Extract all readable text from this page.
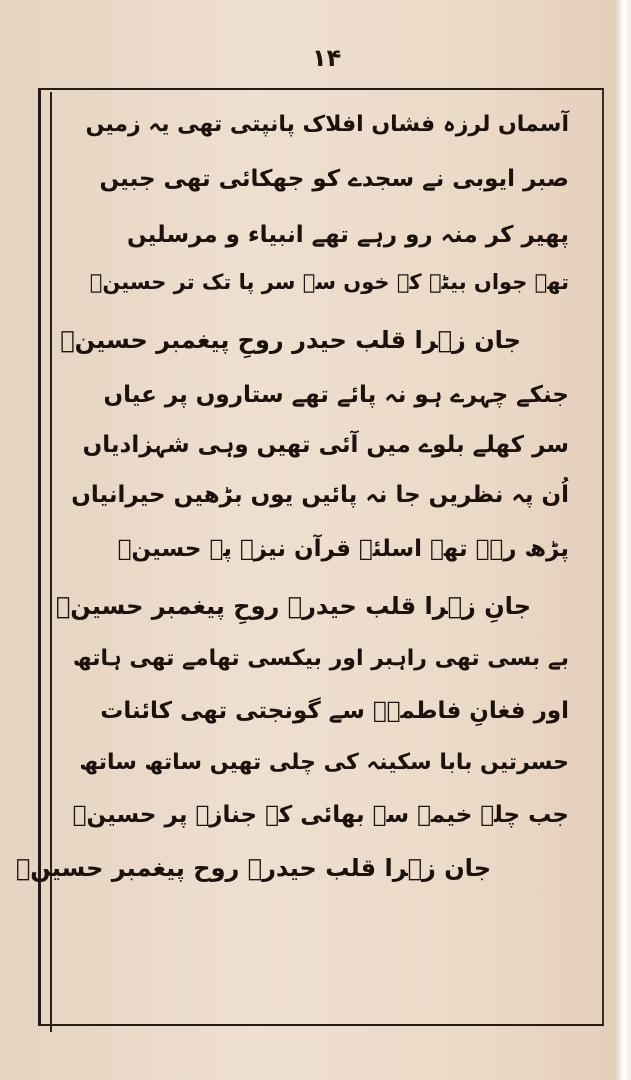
۱۴
آسماں لرزہ فشاں افلاک پانپتی تھی یہ زمیں
صبر ایوبی نے سجدے کو جھکائی تھی جبیں
پھیر کر منہ رو رہے تھے انبیاء و مرسلیں
تھے جواں بیٹے کے خوں سے سر پا تک تر حسینؑ
جان زہرا قلب حیدر روحِ پیغمبر حسینؑ
جنکے چہرے ہو نہ پائے تھے ستاروں پر عیاں
سر کھلے بلوے میں آئی تھیں وہی شہزادیاں
اُن پہ نظریں جا نہ پائیں یوں بڑھیں حیرانیاں
پڑھ رہے تھے اسلئے قرآن نیزے پہ حسینؑ
جانِ زہرا قلب حیدرؑ روحِ پیغمبر حسینؑ
بے بسی تھی راہبر اور بیکسی تھامے تھی ہاتھ
اور فغانِ فاطمہؑ سے گونجتی تھی کائنات
حسرتیں بابا سکینہ کی چلی تھیں ساتھ ساتھ
جب چلے خیمے سے بھائی کے جنازے پر حسینؑ
جان زہرا قلب حیدرؑ روح پیغمبر حسینؑ
